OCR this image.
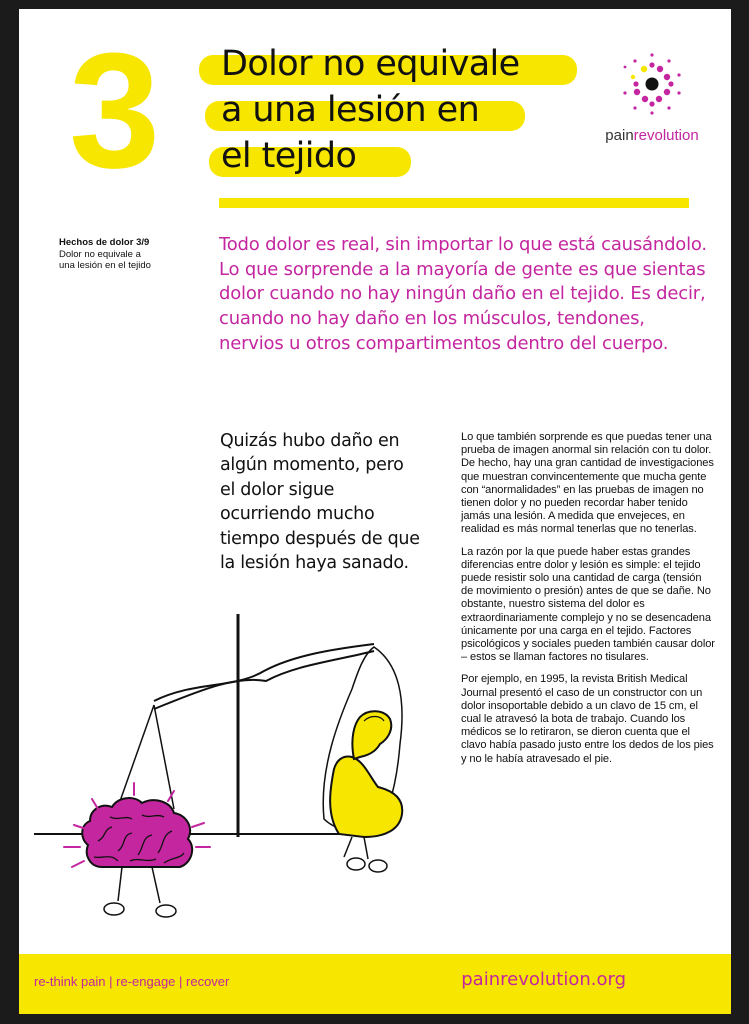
3	Dolor no equivale
a una lesión en
el tejido
painrevolution
Hechos de dolor 3/9
Dolor no equivale a
una lesión en el tejido

Todo dolor es real, sin importar lo que está causándolo. Lo que sorprende a la mayoría de gente es que sientas dolor cuando no hay ningún daño en el tejido. Es decir, cuando no hay daño en los músculos, tendones, nervios u otros compartimentos dentro del cuerpo.

Quizás hubo daño en algún momento, pero el dolor sigue ocurriendo mucho tiempo después de que la lesión haya sanado.

Lo que también sorprende es que puedas tener una prueba de imagen anormal sin relación con tu dolor. De hecho, hay una gran cantidad de investigaciones que muestran convincentemente que mucha gente con “anormalidades” en las pruebas de imagen no tienen dolor y no pueden recordar haber tenido jamás una lesión. A medida que envejeces, en realidad es más normal tenerlas que no tenerlas.

La razón por la que puede haber estas grandes diferencias entre dolor y lesión es simple: el tejido puede resistir solo una cantidad de carga (tensión de movimiento o presión) antes de que se dañe. No obstante, nuestro sistema del dolor es extraordinariamente complejo y no se desencadena únicamente por una carga en el tejido. Factores psicológicos y sociales pueden también causar dolor – estos se llaman factores no tisulares.

Por ejemplo, en 1995, la revista British Medical Journal presentó el caso de un constructor con un dolor insoportable debido a un clavo de 15 cm, el cual le atravesó la bota de trabajo. Cuando los médicos se lo retiraron, se dieron cuenta que el clavo había pasado justo entre los dedos de los pies y no le había atravesado el pie.

re-think pain | re-engage | recover	painrevolution.org
